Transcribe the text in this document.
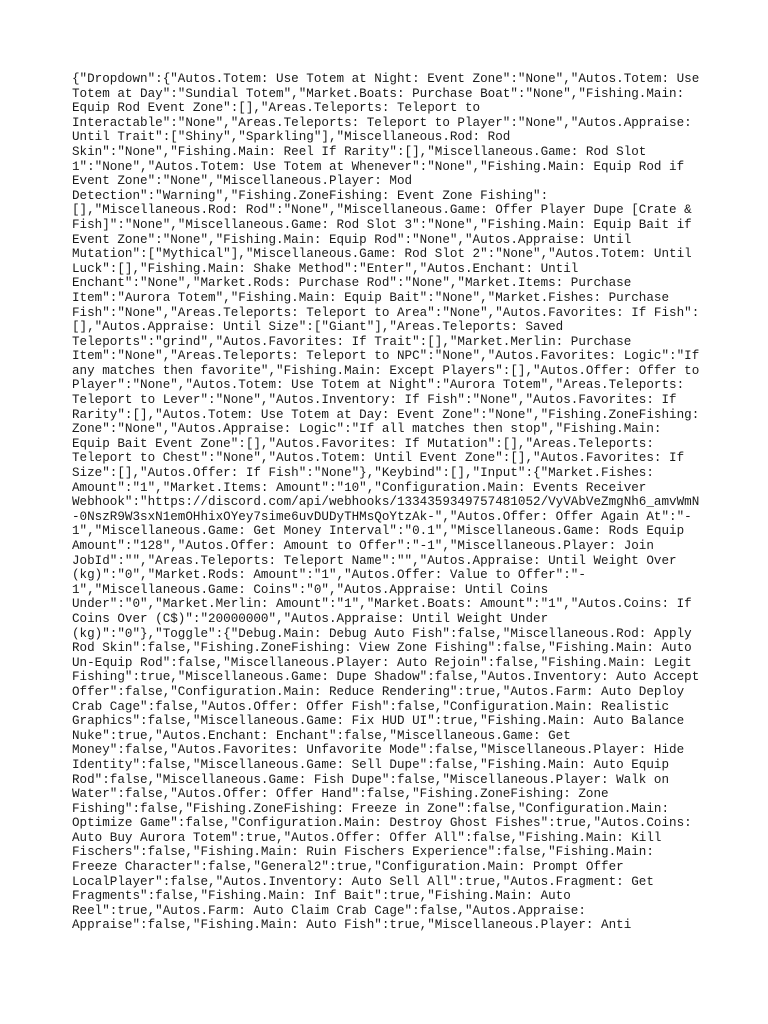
{"Dropdown":{"Autos.Totem: Use Totem at Night: Event Zone":"None","Autos.Totem: Use
Totem at Day":"Sundial Totem","Market.Boats: Purchase Boat":"None","Fishing.Main:
Equip Rod Event Zone":[],"Areas.Teleports: Teleport to
Interactable":"None","Areas.Teleports: Teleport to Player":"None","Autos.Appraise:
Until Trait":["Shiny","Sparkling"],"Miscellaneous.Rod: Rod
Skin":"None","Fishing.Main: Reel If Rarity":[],"Miscellaneous.Game: Rod Slot
1":"None","Autos.Totem: Use Totem at Whenever":"None","Fishing.Main: Equip Rod if
Event Zone":"None","Miscellaneous.Player: Mod
Detection":"Warning","Fishing.ZoneFishing: Event Zone Fishing":
[],"Miscellaneous.Rod: Rod":"None","Miscellaneous.Game: Offer Player Dupe [Crate &
Fish]":"None","Miscellaneous.Game: Rod Slot 3":"None","Fishing.Main: Equip Bait if
Event Zone":"None","Fishing.Main: Equip Rod":"None","Autos.Appraise: Until
Mutation":["Mythical"],"Miscellaneous.Game: Rod Slot 2":"None","Autos.Totem: Until
Luck":[],"Fishing.Main: Shake Method":"Enter","Autos.Enchant: Until
Enchant":"None","Market.Rods: Purchase Rod":"None","Market.Items: Purchase
Item":"Aurora Totem","Fishing.Main: Equip Bait":"None","Market.Fishes: Purchase
Fish":"None","Areas.Teleports: Teleport to Area":"None","Autos.Favorites: If Fish":
[],"Autos.Appraise: Until Size":["Giant"],"Areas.Teleports: Saved
Teleports":"grind","Autos.Favorites: If Trait":[],"Market.Merlin: Purchase
Item":"None","Areas.Teleports: Teleport to NPC":"None","Autos.Favorites: Logic":"If
any matches then favorite","Fishing.Main: Except Players":[],"Autos.Offer: Offer to
Player":"None","Autos.Totem: Use Totem at Night":"Aurora Totem","Areas.Teleports:
Teleport to Lever":"None","Autos.Inventory: If Fish":"None","Autos.Favorites: If
Rarity":[],"Autos.Totem: Use Totem at Day: Event Zone":"None","Fishing.ZoneFishing:
Zone":"None","Autos.Appraise: Logic":"If all matches then stop","Fishing.Main:
Equip Bait Event Zone":[],"Autos.Favorites: If Mutation":[],"Areas.Teleports:
Teleport to Chest":"None","Autos.Totem: Until Event Zone":[],"Autos.Favorites: If
Size":[],"Autos.Offer: If Fish":"None"},"Keybind":[],"Input":{"Market.Fishes:
Amount":"1","Market.Items: Amount":"10","Configuration.Main: Events Receiver
Webhook":"https://discord.com/api/webhooks/1334359349757481052/VyVAbVeZmgNh6_amvWmN
-0NszR9W3sxN1emOHhixOYey7sime6uvDUDyTHMsQoYtzAk-","Autos.Offer: Offer Again At":"-
1","Miscellaneous.Game: Get Money Interval":"0.1","Miscellaneous.Game: Rods Equip
Amount":"128","Autos.Offer: Amount to Offer":"-1","Miscellaneous.Player: Join
JobId":"","Areas.Teleports: Teleport Name":"","Autos.Appraise: Until Weight Over
(kg)":"0","Market.Rods: Amount":"1","Autos.Offer: Value to Offer":"-
1","Miscellaneous.Game: Coins":"0","Autos.Appraise: Until Coins
Under":"0","Market.Merlin: Amount":"1","Market.Boats: Amount":"1","Autos.Coins: If
Coins Over (C$)":"20000000","Autos.Appraise: Until Weight Under
(kg)":"0"},"Toggle":{"Debug.Main: Debug Auto Fish":false,"Miscellaneous.Rod: Apply
Rod Skin":false,"Fishing.ZoneFishing: View Zone Fishing":false,"Fishing.Main: Auto
Un-Equip Rod":false,"Miscellaneous.Player: Auto Rejoin":false,"Fishing.Main: Legit
Fishing":true,"Miscellaneous.Game: Dupe Shadow":false,"Autos.Inventory: Auto Accept
Offer":false,"Configuration.Main: Reduce Rendering":true,"Autos.Farm: Auto Deploy
Crab Cage":false,"Autos.Offer: Offer Fish":false,"Configuration.Main: Realistic
Graphics":false,"Miscellaneous.Game: Fix HUD UI":true,"Fishing.Main: Auto Balance
Nuke":true,"Autos.Enchant: Enchant":false,"Miscellaneous.Game: Get
Money":false,"Autos.Favorites: Unfavorite Mode":false,"Miscellaneous.Player: Hide
Identity":false,"Miscellaneous.Game: Sell Dupe":false,"Fishing.Main: Auto Equip
Rod":false,"Miscellaneous.Game: Fish Dupe":false,"Miscellaneous.Player: Walk on
Water":false,"Autos.Offer: Offer Hand":false,"Fishing.ZoneFishing: Zone
Fishing":false,"Fishing.ZoneFishing: Freeze in Zone":false,"Configuration.Main:
Optimize Game":false,"Configuration.Main: Destroy Ghost Fishes":true,"Autos.Coins:
Auto Buy Aurora Totem":true,"Autos.Offer: Offer All":false,"Fishing.Main: Kill
Fischers":false,"Fishing.Main: Ruin Fischers Experience":false,"Fishing.Main:
Freeze Character":false,"General2":true,"Configuration.Main: Prompt Offer
LocalPlayer":false,"Autos.Inventory: Auto Sell All":true,"Autos.Fragment: Get
Fragments":false,"Fishing.Main: Inf Bait":true,"Fishing.Main: Auto
Reel":true,"Autos.Farm: Auto Claim Crab Cage":false,"Autos.Appraise:
Appraise":false,"Fishing.Main: Auto Fish":true,"Miscellaneous.Player: Anti
